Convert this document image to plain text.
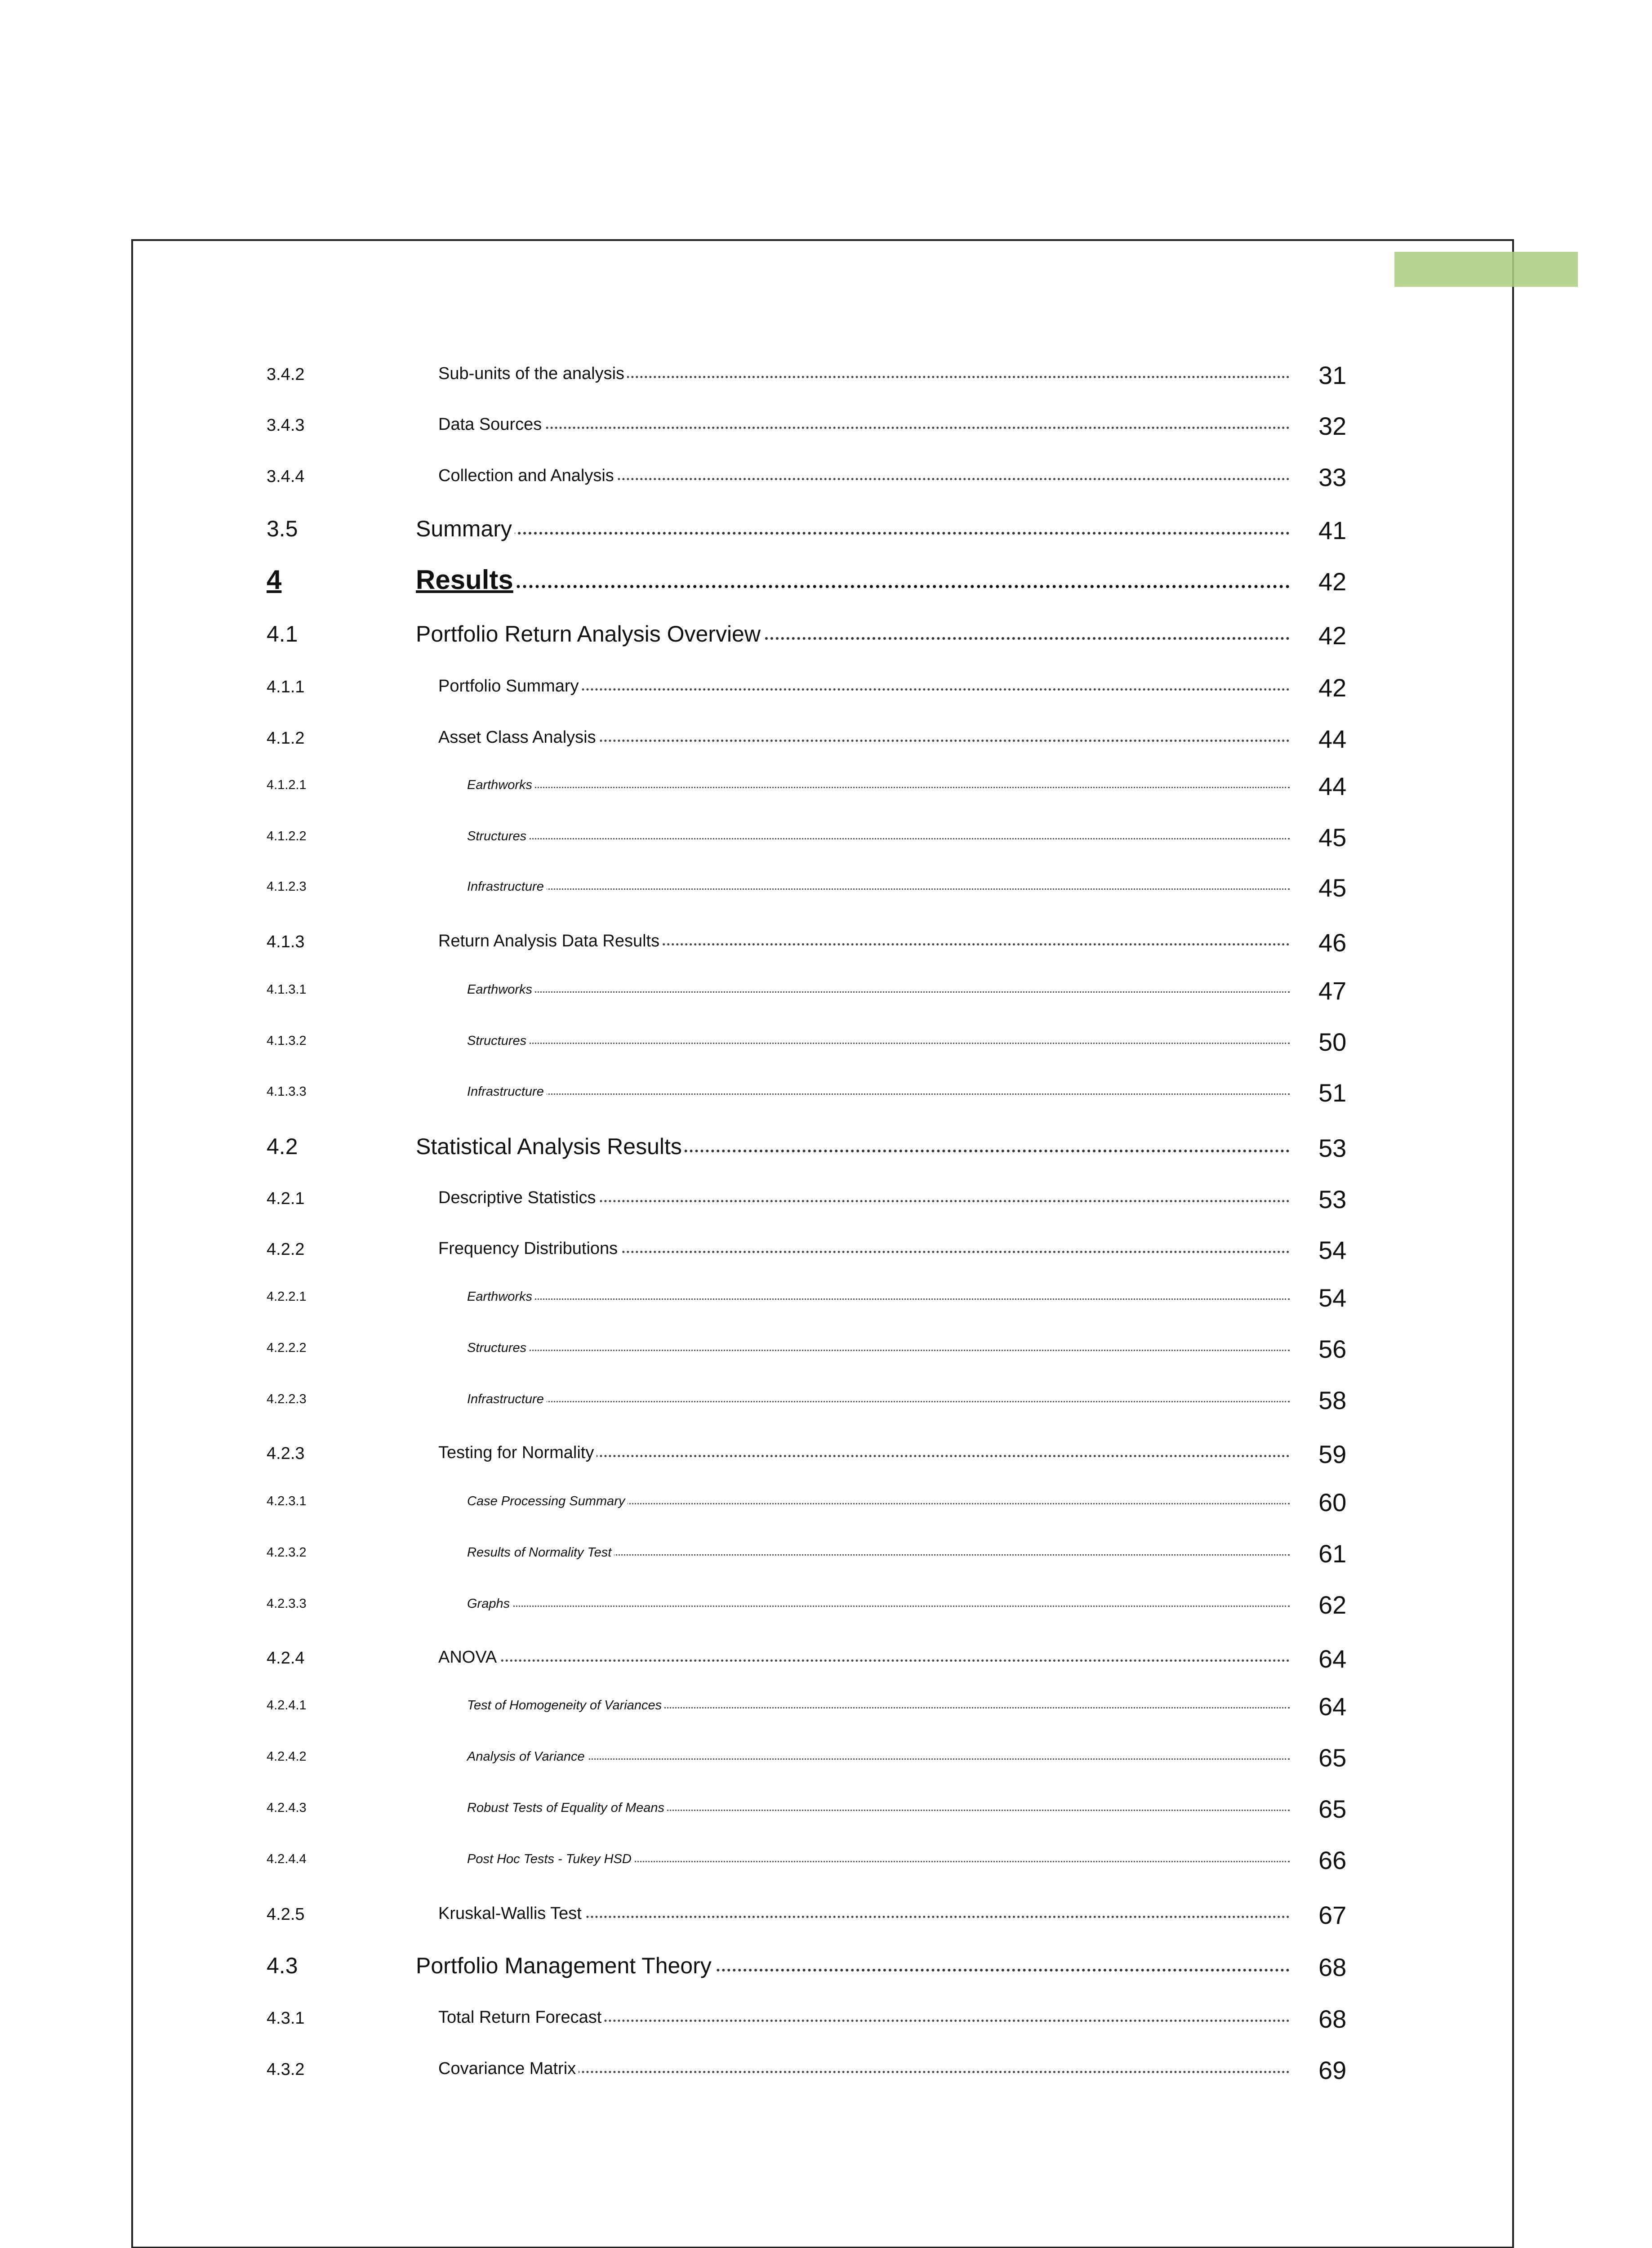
3.4.2	Sub-units of the analysis	31
3.4.3	Data Sources	32
3.4.4	Collection and Analysis	33
3.5	Summary	41
4	Results	42
4.1	Portfolio Return Analysis Overview	42
4.1.1	Portfolio Summary	42
4.1.2	Asset Class Analysis	44
4.1.2.1	Earthworks	44
4.1.2.2	Structures	45
4.1.2.3	Infrastructure	45
4.1.3	Return Analysis Data Results	46
4.1.3.1	Earthworks	47
4.1.3.2	Structures	50
4.1.3.3	Infrastructure	51
4.2	Statistical Analysis Results	53
4.2.1	Descriptive Statistics	53
4.2.2	Frequency Distributions	54
4.2.2.1	Earthworks	54
4.2.2.2	Structures	56
4.2.2.3	Infrastructure	58
4.2.3	Testing for Normality	59
4.2.3.1	Case Processing Summary	60
4.2.3.2	Results of Normality Test	61
4.2.3.3	Graphs	62
4.2.4	ANOVA	64
4.2.4.1	Test of Homogeneity of Variances	64
4.2.4.2	Analysis of Variance	65
4.2.4.3	Robust Tests of Equality of Means	65
4.2.4.4	Post Hoc Tests - Tukey HSD	66
4.2.5	Kruskal-Wallis Test	67
4.3	Portfolio Management Theory	68
4.3.1	Total Return Forecast	68
4.3.2	Covariance Matrix	69
